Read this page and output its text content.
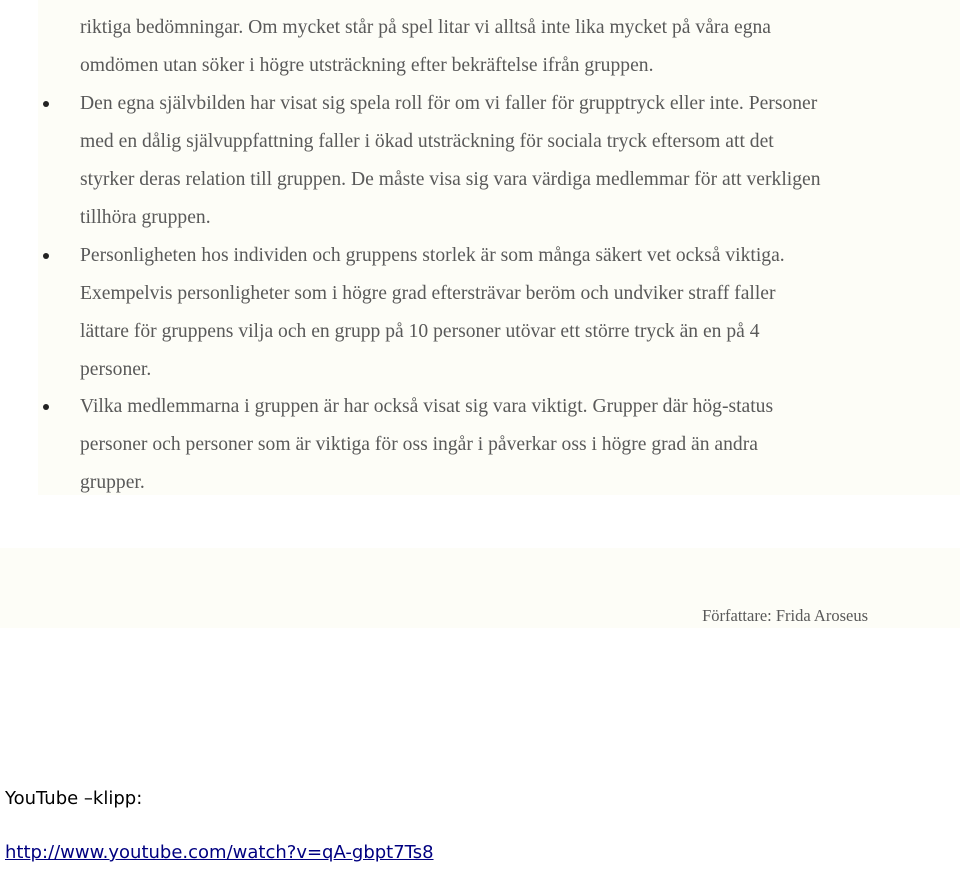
riktiga bedömningar. Om mycket står på spel litar vi alltså inte lika mycket på våra egna
omdömen utan söker i högre utsträckning efter bekräftelse ifrån gruppen.
Den egna självbilden har visat sig spela roll för om vi faller för grupptryck eller inte. Personer
med en dålig självuppfattning faller i ökad utsträckning för sociala tryck eftersom att det
styrker deras relation till gruppen. De måste visa sig vara värdiga medlemmar för att verkligen
tillhöra gruppen.
Personligheten hos individen och gruppens storlek är som många säkert vet också viktiga.
Exempelvis personligheter som i högre grad eftersträvar beröm och undviker straff faller
lättare för gruppens vilja och en grupp på 10 personer utövar ett större tryck än en på 4
personer.
Vilka medlemmarna i gruppen är har också visat sig vara viktigt. Grupper där hög-status
personer och personer som är viktiga för oss ingår i påverkar oss i högre grad än andra
grupper.
Författare: Frida Aroseus
YouTube –klipp:
http://www.youtube.com/watch?v=qA-gbpt7Ts8
